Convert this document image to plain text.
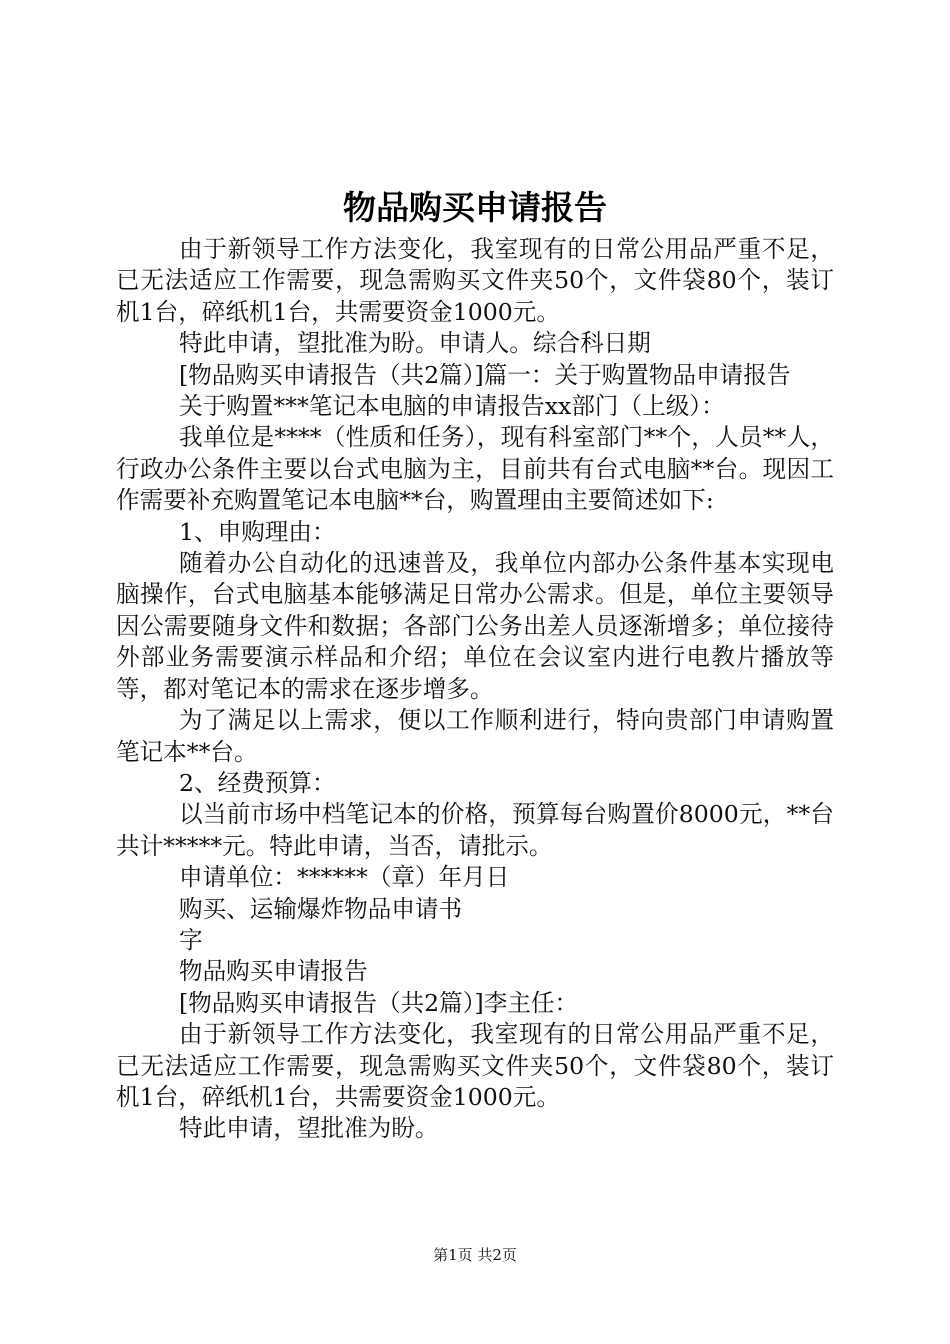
物品购买申请报告

由于新领导工作方法变化，我室现有的日常公用品严重不足，已无法适应工作需要，现急需购买文件夹50个，文件袋80个，装订机1台，碎纸机1台，共需要资金1000元。

特此申请，望批准为盼。申请人。综合科日期

[物品购买申请报告（共2篇）]篇一：关于购置物品申请报告

关于购置***笔记本电脑的申请报告xx部门（上级）：

我单位是****（性质和任务），现有科室部门**个，人员**人，行政办公条件主要以台式电脑为主，目前共有台式电脑**台。现因工作需要补充购置笔记本电脑**台，购置理由主要简述如下:

1、申购理由：

随着办公自动化的迅速普及，我单位内部办公条件基本实现电脑操作，台式电脑基本能够满足日常办公需求。但是，单位主要领导因公需要随身文件和数据；各部门公务出差人员逐渐增多；单位接待外部业务需要演示样品和介绍；单位在会议室内进行电教片播放等等，都对笔记本的需求在逐步增多。

为了满足以上需求，便以工作顺利进行，特向贵部门申请购置笔记本**台。

2、经费预算：

以当前市场中档笔记本的价格，预算每台购置价8000元，**台共计*****元。特此申请，当否，请批示。

申请单位：******（章）年月日

购买、运输爆炸物品申请书

字

物品购买申请报告

[物品购买申请报告（共2篇）]李主任：

由于新领导工作方法变化，我室现有的日常公用品严重不足，已无法适应工作需要，现急需购买文件夹50个，文件袋80个，装订机1台，碎纸机1台，共需要资金1000元。

特此申请，望批准为盼。

第1页 共2页
